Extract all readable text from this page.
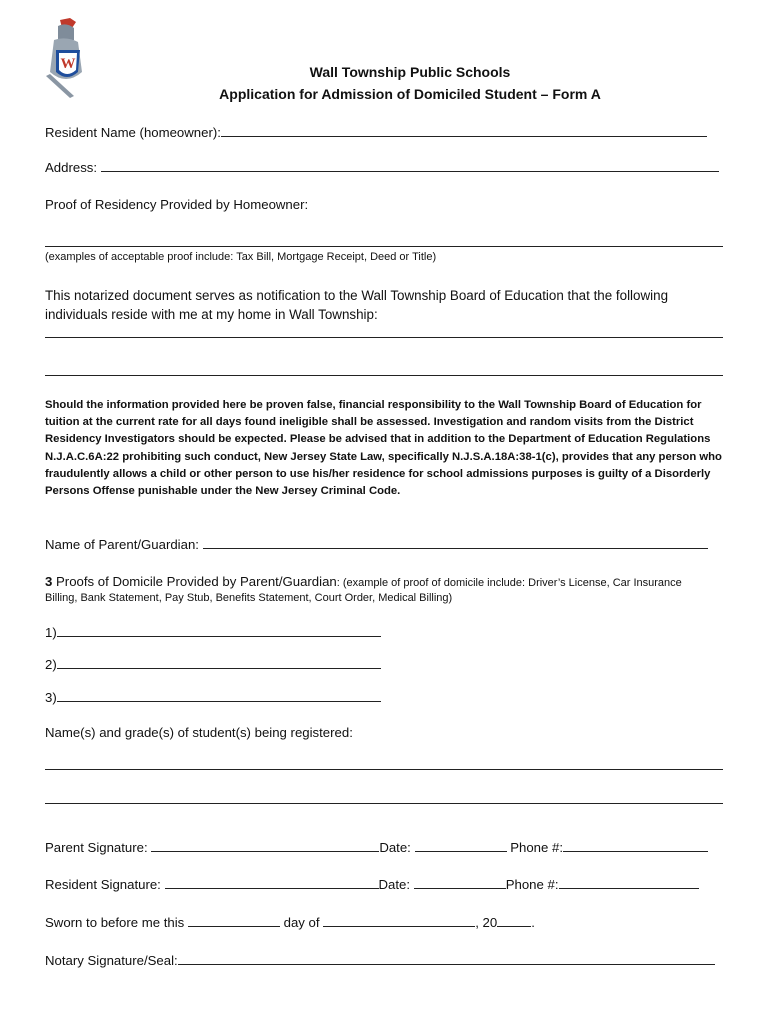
W	Wall Township Public Schools
Application for Admission of Domiciled Student – Form A
Resident Name (homeowner):
Address:
Proof of Residency Provided by Homeowner:
(examples of acceptable proof include: Tax Bill, Mortgage Receipt, Deed or Title)
This notarized document serves as notification to the Wall Township Board of Education that the following individuals reside with me at my home in Wall Township:
Should the information provided here be proven false, financial responsibility to the Wall Township Board of Education for tuition at the current rate for all days found ineligible shall be assessed. Investigation and random visits from the District Residency Investigators should be expected. Please be advised that in addition to the Department of Education Regulations N.J.A.C.6A:22 prohibiting such conduct, New Jersey State Law, specifically N.J.S.A.18A:38-1(c), provides that any person who fraudulently allows a child or other person to use his/her residence for school admissions purposes is guilty of a Disorderly Persons Offense punishable under the New Jersey Criminal Code.
Name of Parent/Guardian:
3 Proofs of Domicile Provided by Parent/Guardian: (example of proof of domicile include: Driver’s License, Car Insurance
Billing, Bank Statement, Pay Stub, Benefits Statement, Court Order, Medical Billing)
1)
2)
3)
Name(s) and grade(s) of student(s) being registered:
Parent Signature:	Date:	Phone #:
Resident Signature:	Date:	Phone #:
Sworn to before me this	day of	, 20	.
Notary Signature/Seal:
